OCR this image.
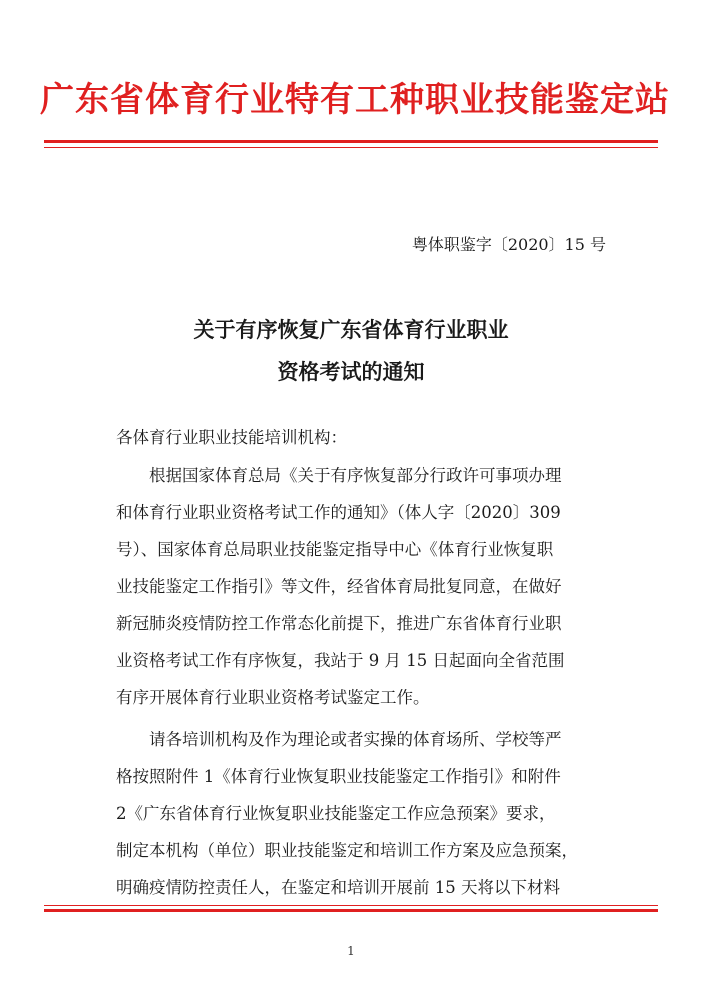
广东省体育行业特有工种职业技能鉴定站
粤体职鉴字〔2020〕15 号
关于有序恢复广东省体育行业职业
资格考试的通知
各体育行业职业技能培训机构：
　　根据国家体育总局《关于有序恢复部分行政许可事项办理
和体育行业职业资格考试工作的通知》（体人字〔2020〕309
号）、国家体育总局职业技能鉴定指导中心《体育行业恢复职
业技能鉴定工作指引》等文件，经省体育局批复同意，在做好
新冠肺炎疫情防控工作常态化前提下，推进广东省体育行业职
业资格考试工作有序恢复，我站于 9 月 15 日起面向全省范围
有序开展体育行业职业资格考试鉴定工作。
　　请各培训机构及作为理论或者实操的体育场所、学校等严
格按照附件 1《体育行业恢复职业技能鉴定工作指引》和附件
2《广东省体育行业恢复职业技能鉴定工作应急预案》要求，
制定本机构（单位）职业技能鉴定和培训工作方案及应急预案，
明确疫情防控责任人，在鉴定和培训开展前 15 天将以下材料
1
